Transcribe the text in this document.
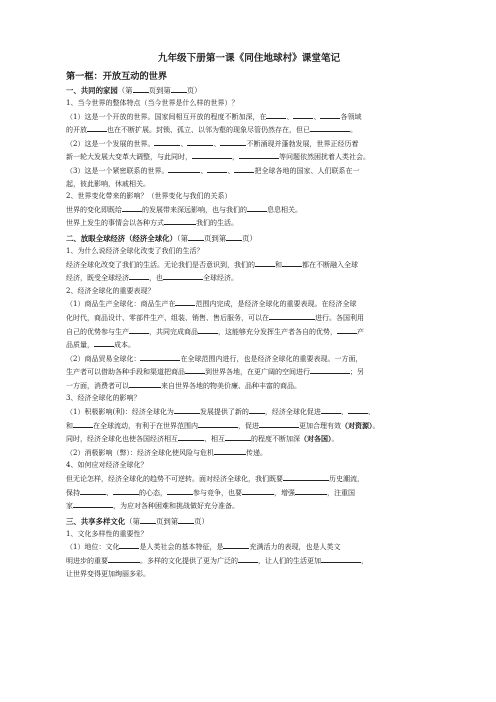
九年级下册第一课《同住地球村》课堂笔记
第一框：开放互动的世界
一、共同的家园（第 页到第 页）

1、当今世界的整体特点（当今世界是什么样的世界）？

（1）这是一个开放的世界。国家间相互开放的程度不断加深，在	、	、	各领域

的开放	也在不断扩展。封锁、孤立、以邻为壑的现象尽管仍然存在，但已	。

（2）这是一个发展的世界。	、	、	不断涌现并蓬勃发展，世界正经历着

新一轮大发展大变革大调整，与此同时，	，	等问题依然困扰着人类社会。

（3）这是一个紧密联系的世界。	、	、	把全球各地的国家、人们联系在一

起，彼此影响，休戚相关。

2、世界变化带来的影响？（世界变化与我们的关系）

世界的变化即既给	的发展带来深远影响，也与我们的	息息相关。

世界上发生的事情会以各种方式	我们的生活。

二、放眼全球经济（经济全球化）（第 页到第 页）

1、为什么说经济全球化改变了我们的生活？

经济全球化改变了我们的生活。无论我们是否意识到，我们的	和	都在不断融入全球

经济，既受全球经济	，也	全球经济。

2、经济全球化的重要表现？

（1）商品生产全球化：商品生产在	范围内完成，是经济全球化的重要表现。在经济全球

化时代，商品设计、零部件生产、组装、销售、售后服务，可以在	进行。各国利用

自己的优势参与生产	，共同完成商品	，这能够充分发挥生产者各自的优势，	产

品质量，	成本。

（2）商品贸易全球化：	在全球范围内进行，也是经济全球化的重要表现。一方面，

生产者可以借助各种手段和渠道把商品	到世界各地，在更广阔的空间进行	；另

一方面，消费者可以	来自世界各地的物美价廉、品种丰富的商品。

3、经济全球化的影响？

（1）积极影响(利)：经济全球化为	发展提供了新的 ，经济全球化促进	、	、

和	在全球流动，有利于在世界范围内	，促进	更加合理有效（对资源）。

同时，经济全球化也使各国经济相互	、相互	的程度不断加深（对各国）。

（2）消极影响（弊）：经济全球化使风险与危机	传递。

4、如何应对经济全球化？

但无论怎样，经济全球化的趋势不可逆转。面对经济全球化，我们既要	历史潮流，

保持	、	的心态，	参与竞争，也要	，增强	，注重国

家	，为应对各种困难和挑战做好充分准备。

三、共享多样文化（第 页到第 页）

1、文化多样性的重要性？

（1）地位：文化	是人类社会的基本特征，是	充满活力的表现，也是人类文

明进步的重要	。多样的文化提供了更为广泛的	，让人们的生活更加	，

让世界变得更加绚丽多彩。
